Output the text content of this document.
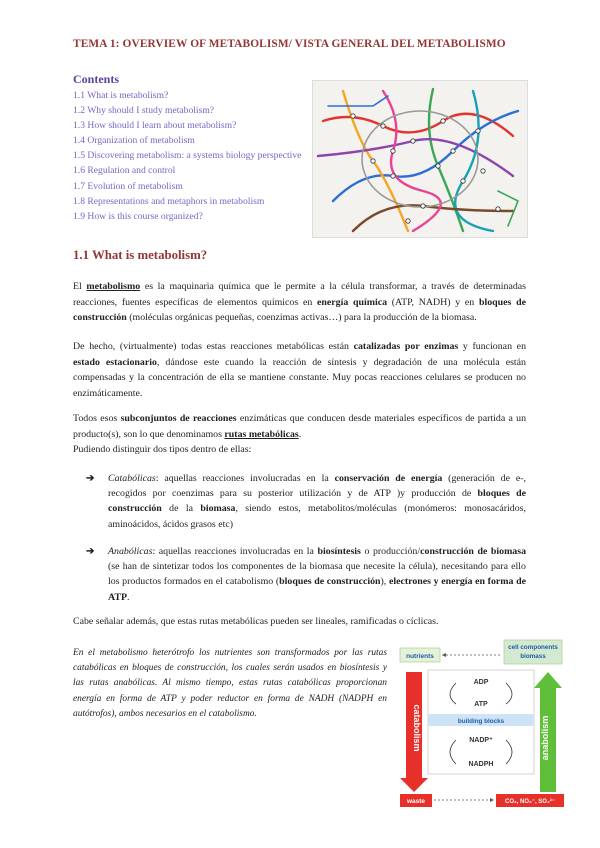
TEMA 1: OVERVIEW OF METABOLISM/ VISTA GENERAL DEL METABOLISMO
Contents
1.1 What is metabolism?
1.2 Why should I study metabolism?
1.3 How should I learn about metabolism?
1.4 Organization of metabolism
1.5 Discovering metabolism: a systems biology perspective
1.6 Regulation and control
1.7 Evolution of metabolism
1.8 Representations and metaphors in metabolism
1.9 How is this course organized?
1.1 What is metabolism?
El metabolismo es la maquinaria química que le permite a la célula transformar, a través de determinadas reacciones, fuentes específicas de elementos químicos en energía química (ATP, NADH) y en bloques de construcción (moléculas orgánicas pequeñas, coenzimas activas…) para la producción de la biomasa.
De hecho, (virtualmente) todas estas reacciones metabólicas están catalizadas por enzimas y funcionan en estado estacionario, dándose este cuando la reacción de síntesis y degradación de una molécula están compensadas y la concentración de ella se mantiene constante. Muy pocas reacciones celulares se producen no enzimáticamente.
Todos esos subconjuntos de reacciones enzimáticas que conducen desde materiales específicos de partida a un producto(s), son lo que denominamos rutas metabólicas.
Pudiendo distinguir dos tipos dentro de ellas:
➔ Catabólicas: aquellas reacciones involucradas en la conservación de energía (generación de e-, recogidos por coenzimas para su posterior utilización y de ATP )y producción de bloques de construcción de la biomasa, siendo estos, metabolitos/moléculas (monómeros: monosacáridos, aminoácidos, ácidos grasos etc)
➔ Anabólicas: aquellas reacciones involucradas en la biosíntesis o producción/construcción de biomasa (se han de sintetizar todos los componentes de la biomasa que necesite la célula), necesitando para ello los productos formados en el catabolismo (bloques de construcción), electrones y energía en forma de ATP.
Cabe señalar además, que estas rutas metabólicas pueden ser lineales, ramificadas o cíclicas.
En el metabolismo heterótrofo los nutrientes son transformados por las rutas catabólicas en bloques de construcción, los cuales serán usados en biosíntesis y las rutas anabólicas. Al mismo tiempo, estas rutas catabólicas proporcionan energía en forma de ATP y poder reductor en forma de NADH (NADPH en autótrofos), ambos necesarios en el catabolismo.
nutrients
cell components
biomass
catabolism	anabolism
ADP
ATP
building blocks
NADP⁺
NADPH
waste	CO₂, NO₃⁻, SO₄²⁻
